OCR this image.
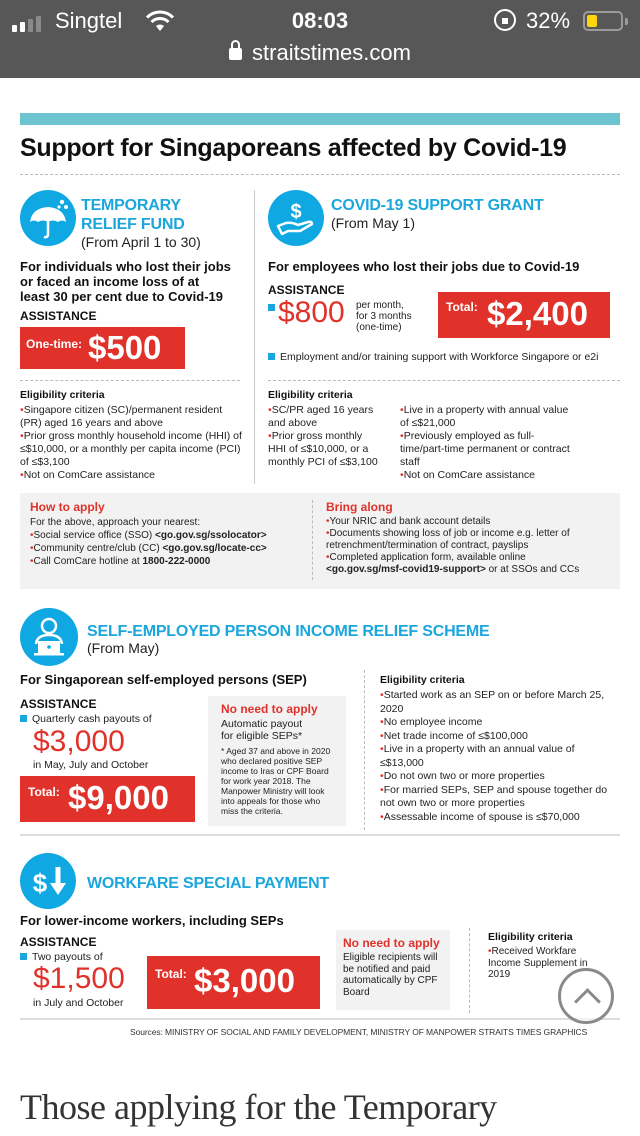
Singtel	08:03	32%
straitstimes.com
Support for Singaporeans affected by Covid-19
TEMPORARY
RELIEF FUND
(From April 1 to 30)
For individuals who lost their jobs
or faced an income loss of at
least 30 per cent due to Covid-19
ASSISTANCE
One-time: $500
Eligibility criteria
• Singapore citizen (SC)/permanent resident (PR) aged 16 years and above
• Prior gross monthly household income (HHI) of ≤$10,000, or a monthly per capita income (PCI) of ≤$3,100
• Not on ComCare assistance
$ COVID-19 SUPPORT GRANT
(From May 1)
For employees who lost their jobs due to Covid-19
ASSISTANCE
$800 per month,
for 3 months
(one-time)
Total: $2,400
Employment and/or training support with Workforce Singapore or e2i
Eligibility criteria
• SC/PR aged 16 years and above
• Prior gross monthly HHI of ≤$10,000, or a monthly PCI of ≤$3,100
• Live in a property with annual value of ≤$21,000
• Previously employed as full-time/part-time permanent or contract staff
• Not on ComCare assistance
How to apply
For the above, approach your nearest:
• Social service office (SSO) <go.gov.sg/ssolocator>
• Community centre/club (CC) <go.gov.sg/locate-cc>
• Call ComCare hotline at 1800-222-0000
Bring along
• Your NRIC and bank account details
• Documents showing loss of job or income e.g. letter of retrenchment/termination of contract, payslips
• Completed application form, available online
<go.gov.sg/msf-covid19-support> or at SSOs and CCs
SELF-EMPLOYED PERSON INCOME RELIEF SCHEME
(From May)
For Singaporean self-employed persons (SEP)
ASSISTANCE
Quarterly cash payouts of
$3,000
in May, July and October
Total: $9,000
No need to apply
Automatic payout
for eligible SEPs*
* Aged 37 and above in 2020 who declared positive SEP income to Iras or CPF Board for work year 2018. The Manpower Ministry will look into appeals for those who miss the criteria.
Eligibility criteria
• Started work as an SEP on or before March 25, 2020
• No employee income
• Net trade income of ≤$100,000
• Live in a property with an annual value of ≤$13,000
• Do not own two or more properties
• For married SEPs, SEP and spouse together do not own two or more properties
• Assessable income of spouse is ≤$70,000
$ WORKFARE SPECIAL PAYMENT
For lower-income workers, including SEPs
ASSISTANCE
Two payouts of
$1,500
in July and October
Total: $3,000
No need to apply
Eligible recipients will be notified and paid automatically by CPF Board
Eligibility criteria
• Received Workfare Income Supplement in 2019
Sources: MINISTRY OF SOCIAL AND FAMILY DEVELOPMENT, MINISTRY OF MANPOWER STRAITS TIMES GRAPHICS
Those applying for the Temporary
